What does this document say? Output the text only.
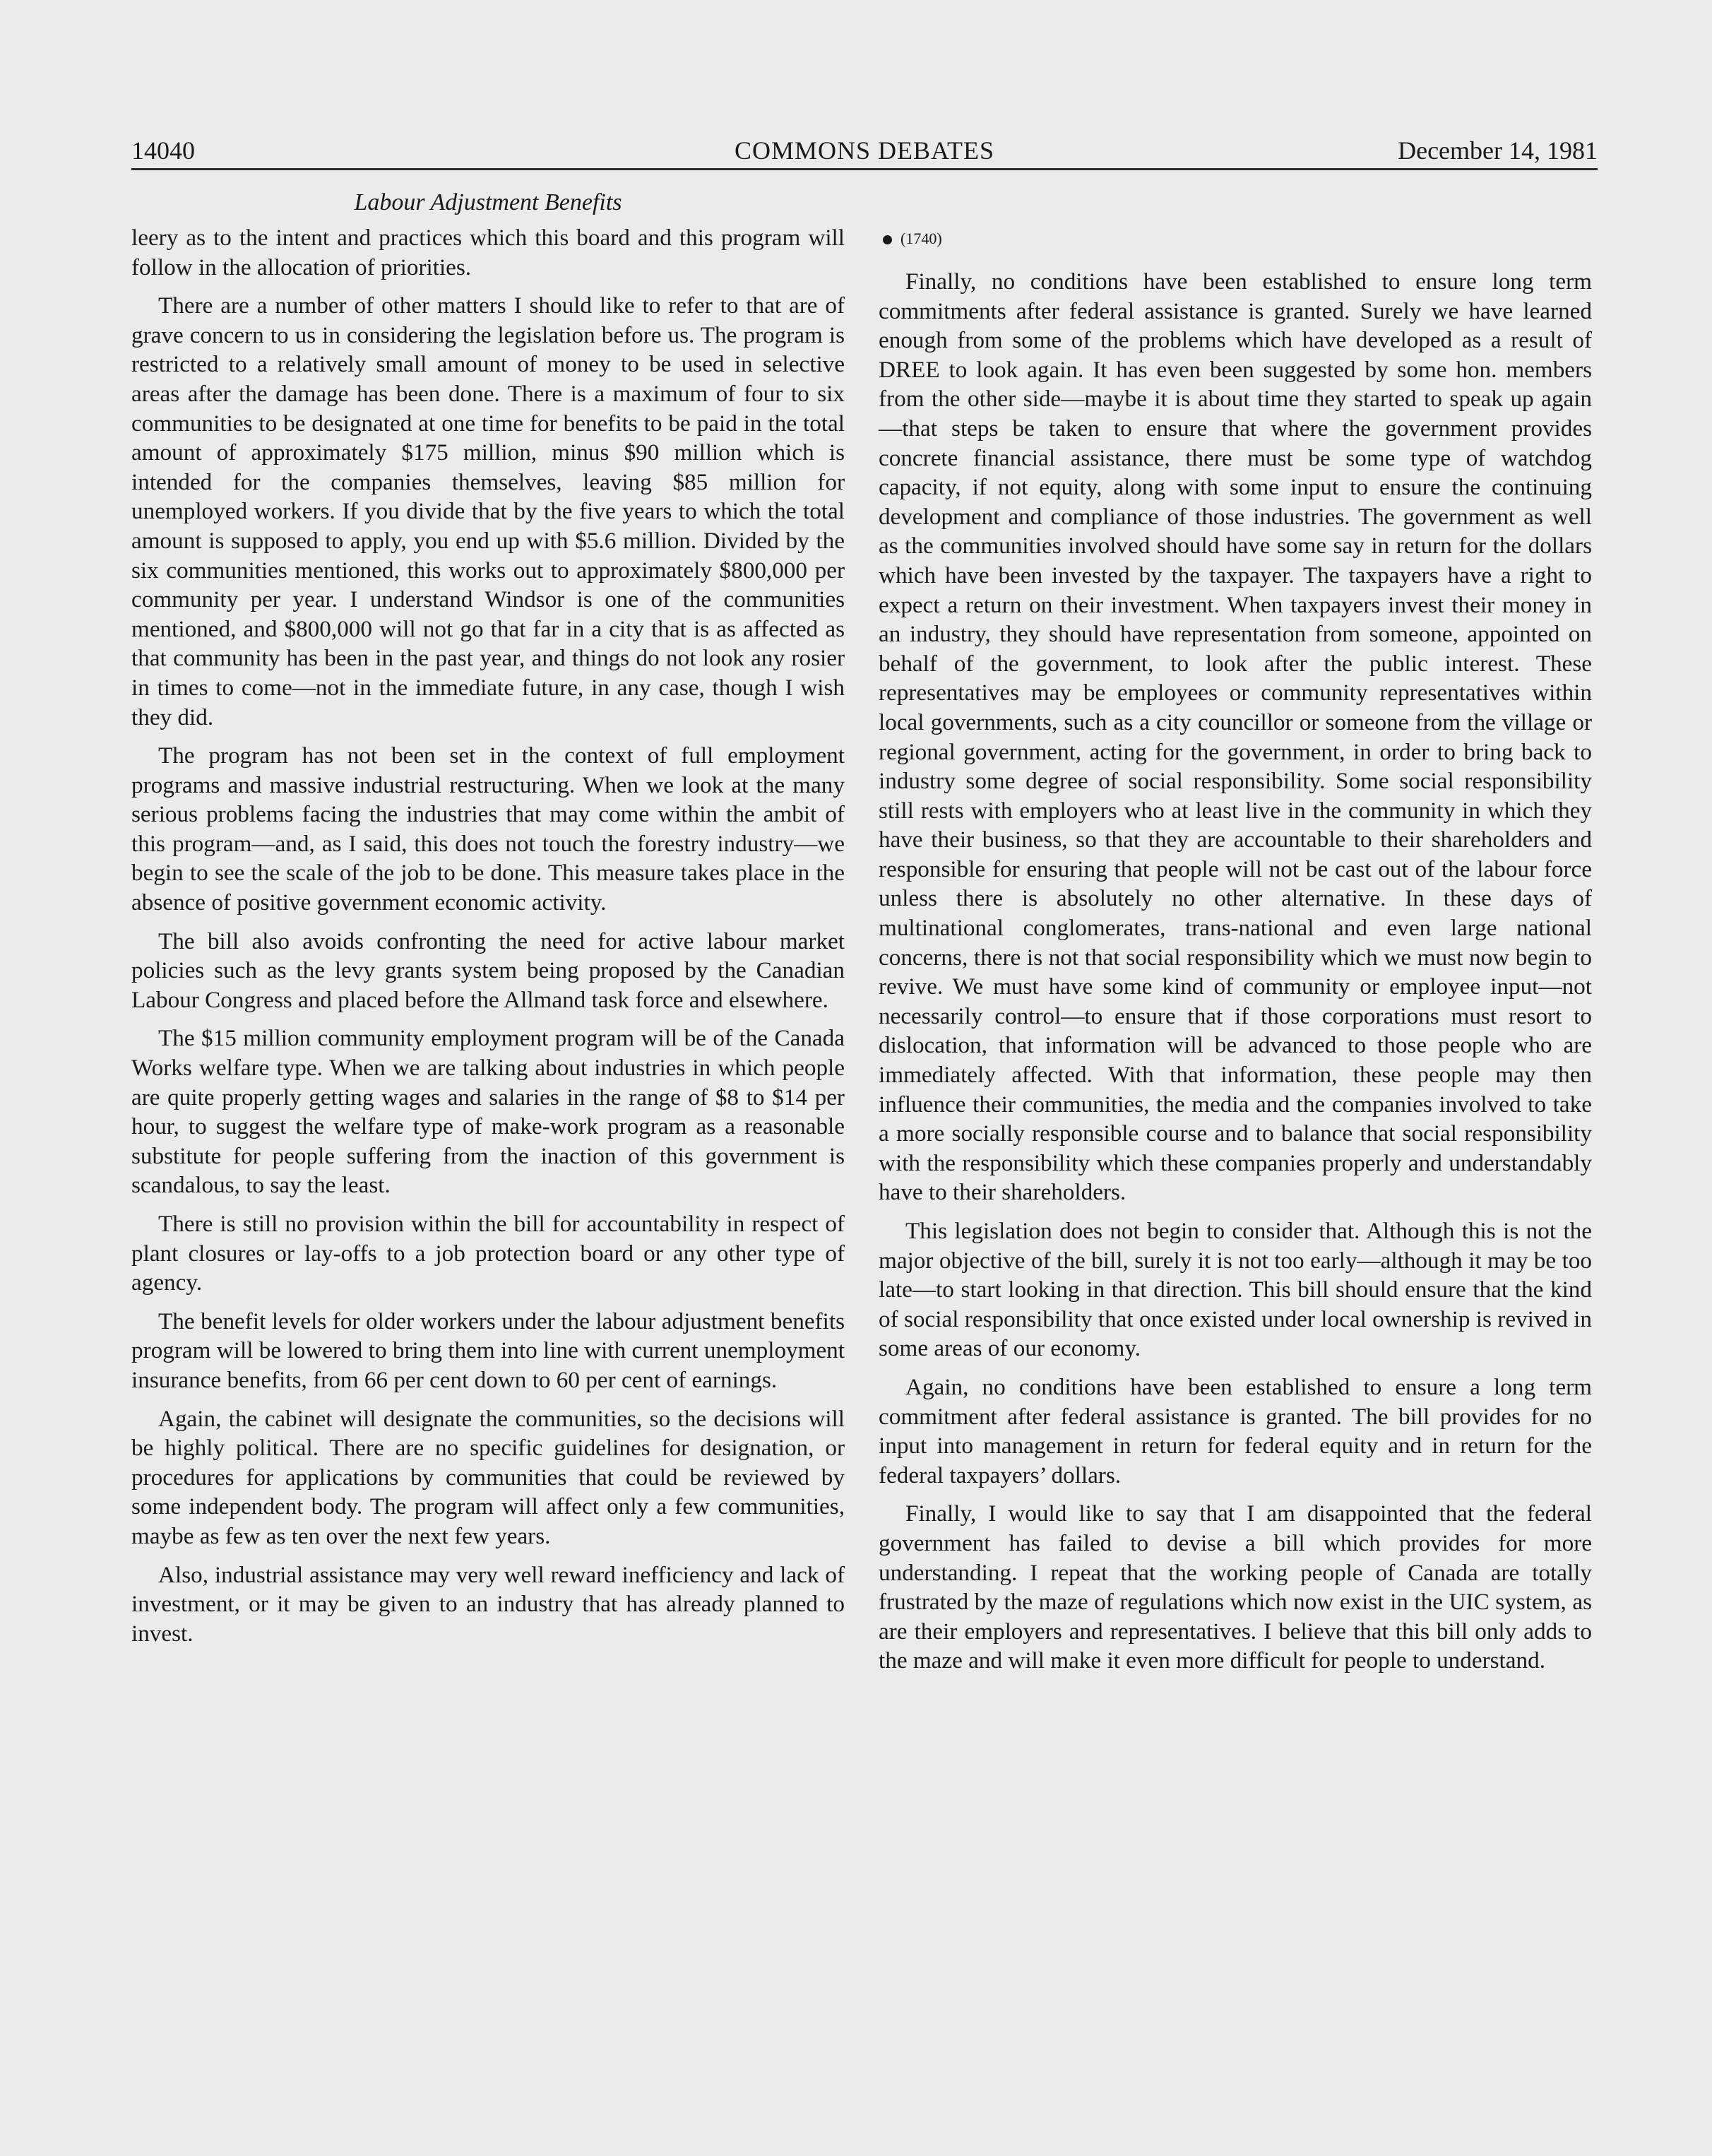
14040	COMMONS DEBATES	December 14, 1981
Labour Adjustment Benefits

leery as to the intent and practices which this board and this program will follow in the allocation of priorities.

There are a number of other matters I should like to refer to that are of grave concern to us in considering the legislation before us. The program is restricted to a relatively small amount of money to be used in selective areas after the damage has been done. There is a maximum of four to six communities to be designated at one time for benefits to be paid in the total amount of approximately $175 million, minus $90 million which is intended for the companies themselves, leaving $85 million for unemployed workers. If you divide that by the five years to which the total amount is supposed to apply, you end up with $5.6 million. Divided by the six communities mentioned, this works out to approximately $800,000 per community per year. I understand Windsor is one of the communities mentioned, and $800,000 will not go that far in a city that is as affected as that community has been in the past year, and things do not look any rosier in times to come—not in the immediate future, in any case, though I wish they did.

The program has not been set in the context of full employment programs and massive industrial restructuring. When we look at the many serious problems facing the industries that may come within the ambit of this program—and, as I said, this does not touch the forestry industry—we begin to see the scale of the job to be done. This measure takes place in the absence of positive government economic activity.

The bill also avoids confronting the need for active labour market policies such as the levy grants system being proposed by the Canadian Labour Congress and placed before the Allmand task force and elsewhere.

The $15 million community employment program will be of the Canada Works welfare type. When we are talking about industries in which people are quite properly getting wages and salaries in the range of $8 to $14 per hour, to suggest the welfare type of make-work program as a reasonable substitute for people suffering from the inaction of this government is scandalous, to say the least.

There is still no provision within the bill for accountability in respect of plant closures or lay-offs to a job protection board or any other type of agency.

The benefit levels for older workers under the labour adjustment benefits program will be lowered to bring them into line with current unemployment insurance benefits, from 66 per cent down to 60 per cent of earnings.

Again, the cabinet will designate the communities, so the decisions will be highly political. There are no specific guidelines for designation, or procedures for applications by communities that could be reviewed by some independent body. The program will affect only a few communities, maybe as few as ten over the next few years.

Also, industrial assistance may very well reward inefficiency and lack of investment, or it may be given to an industry that has already planned to invest.

(1740)

Finally, no conditions have been established to ensure long term commitments after federal assistance is granted. Surely we have learned enough from some of the problems which have developed as a result of DREE to look again. It has even been suggested by some hon. members from the other side—maybe it is about time they started to speak up again—that steps be taken to ensure that where the government provides concrete financial assistance, there must be some type of watchdog capacity, if not equity, along with some input to ensure the continuing development and compliance of those industries. The government as well as the communities involved should have some say in return for the dollars which have been invested by the taxpayer. The taxpayers have a right to expect a return on their investment. When taxpayers invest their money in an industry, they should have representation from someone, appointed on behalf of the government, to look after the public interest. These representatives may be employees or community representatives within local governments, such as a city councillor or someone from the village or regional government, acting for the government, in order to bring back to industry some degree of social responsibility. Some social responsibility still rests with employers who at least live in the community in which they have their business, so that they are accountable to their shareholders and responsible for ensuring that people will not be cast out of the labour force unless there is absolutely no other alternative. In these days of multinational conglomerates, trans-national and even large national concerns, there is not that social responsibility which we must now begin to revive. We must have some kind of community or employee input—not necessarily control—to ensure that if those corporations must resort to dislocation, that information will be advanced to those people who are immediately affected. With that information, these people may then influence their communities, the media and the companies involved to take a more socially responsible course and to balance that social responsibility with the responsibility which these companies properly and understandably have to their shareholders.

This legislation does not begin to consider that. Although this is not the major objective of the bill, surely it is not too early—although it may be too late—to start looking in that direction. This bill should ensure that the kind of social responsibility that once existed under local ownership is revived in some areas of our economy.

Again, no conditions have been established to ensure a long term commitment after federal assistance is granted. The bill provides for no input into management in return for federal equity and in return for the federal taxpayers’ dollars.

Finally, I would like to say that I am disappointed that the federal government has failed to devise a bill which provides for more understanding. I repeat that the working people of Canada are totally frustrated by the maze of regulations which now exist in the UIC system, as are their employers and representatives. I believe that this bill only adds to the maze and will make it even more difficult for people to understand.
